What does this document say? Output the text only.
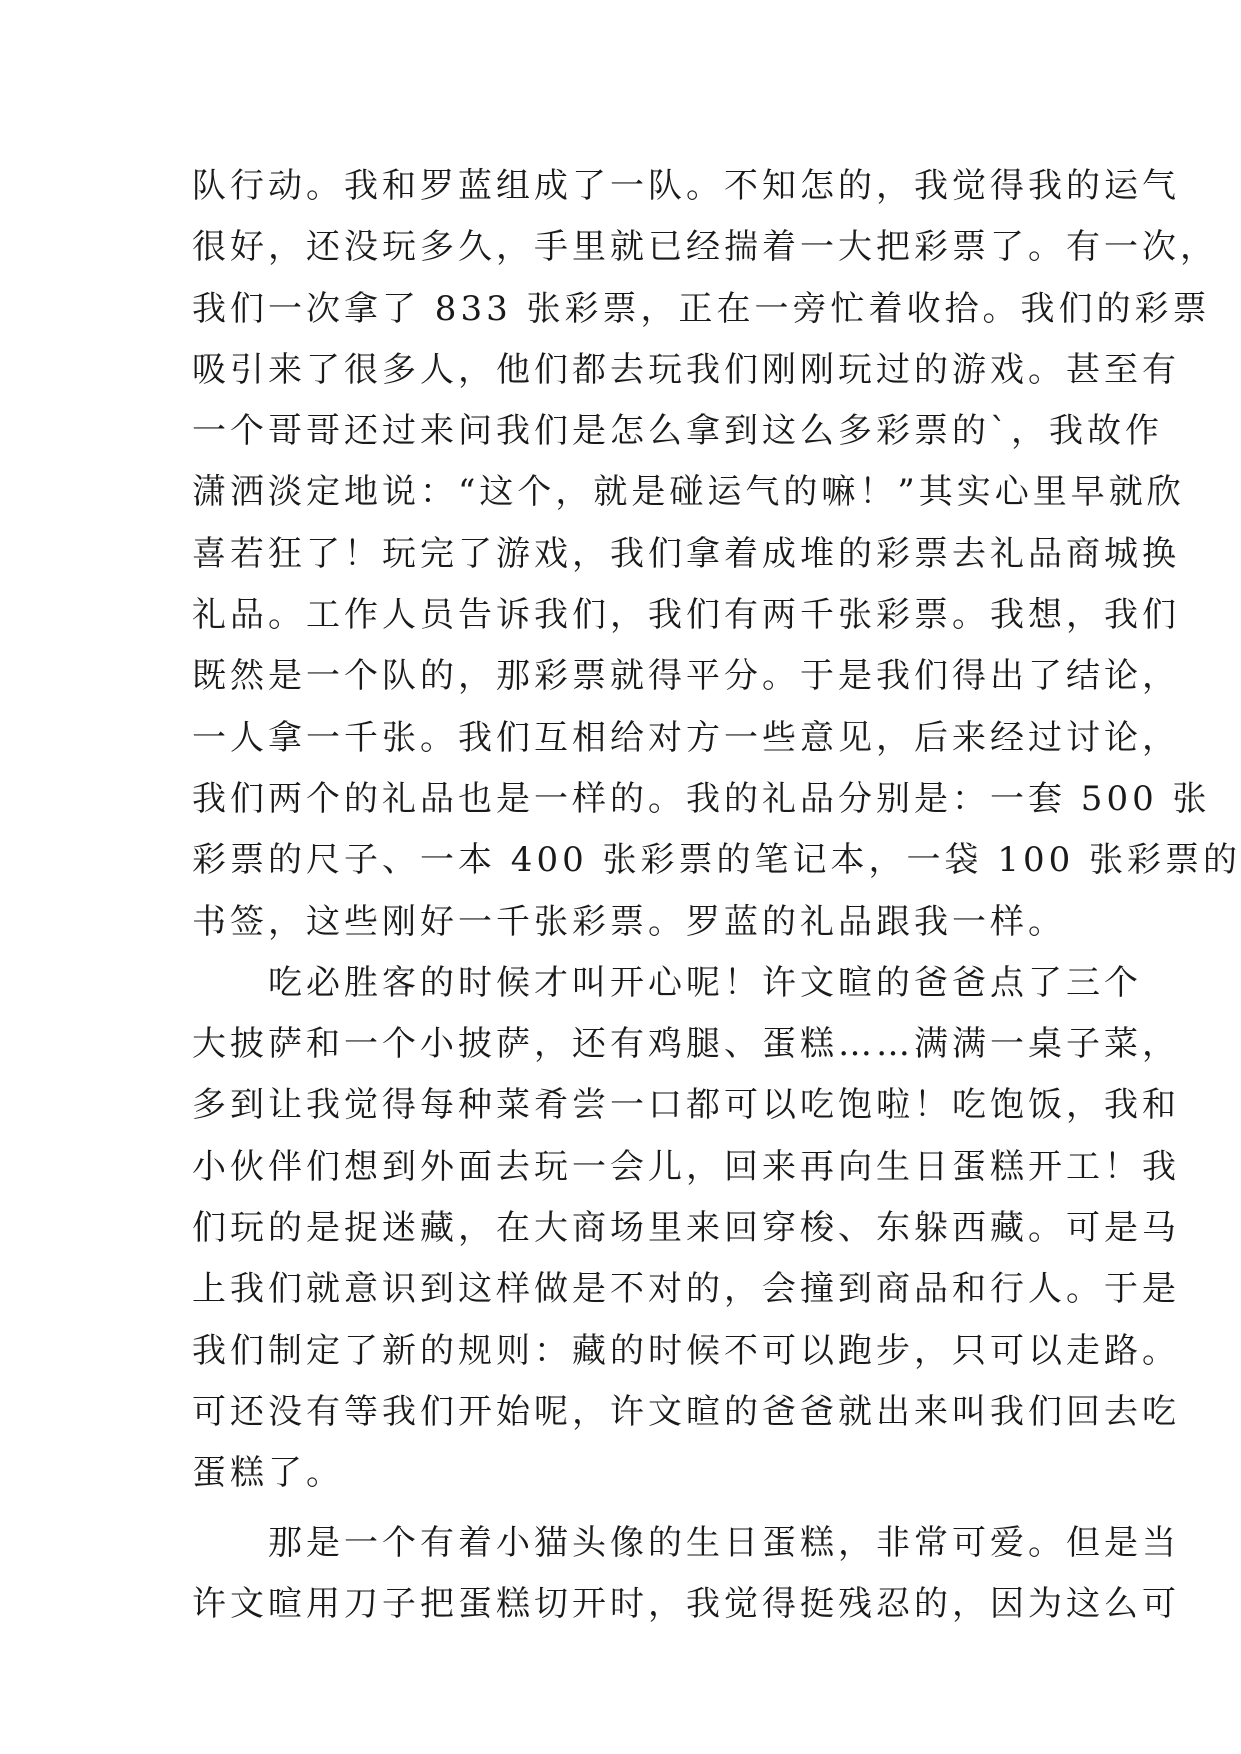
队行动。我和罗蓝组成了一队。不知怎的，我觉得我的运气
很好，还没玩多久，手里就已经揣着一大把彩票了。有一次，
我们一次拿了 833 张彩票，正在一旁忙着收拾。我们的彩票
吸引来了很多人，他们都去玩我们刚刚玩过的游戏。甚至有
一个哥哥还过来问我们是怎么拿到这么多彩票的`，我故作
潇洒淡定地说：“这个，就是碰运气的嘛！”其实心里早就欣
喜若狂了！玩完了游戏，我们拿着成堆的彩票去礼品商城换
礼品。工作人员告诉我们，我们有两千张彩票。我想，我们
既然是一个队的，那彩票就得平分。于是我们得出了结论，
一人拿一千张。我们互相给对方一些意见，后来经过讨论，
我们两个的礼品也是一样的。我的礼品分别是：一套 500 张
彩票的尺子、一本 400 张彩票的笔记本，一袋 100 张彩票的
书签，这些刚好一千张彩票。罗蓝的礼品跟我一样。
吃必胜客的时候才叫开心呢！许文暄的爸爸点了三个
大披萨和一个小披萨，还有鸡腿、蛋糕……满满一桌子菜，
多到让我觉得每种菜肴尝一口都可以吃饱啦！吃饱饭，我和
小伙伴们想到外面去玩一会儿，回来再向生日蛋糕开工！我
们玩的是捉迷藏，在大商场里来回穿梭、东躲西藏。可是马
上我们就意识到这样做是不对的，会撞到商品和行人。于是
我们制定了新的规则：藏的时候不可以跑步，只可以走路。
可还没有等我们开始呢，许文暄的爸爸就出来叫我们回去吃
蛋糕了。
那是一个有着小猫头像的生日蛋糕，非常可爱。但是当
许文暄用刀子把蛋糕切开时，我觉得挺残忍的，因为这么可
